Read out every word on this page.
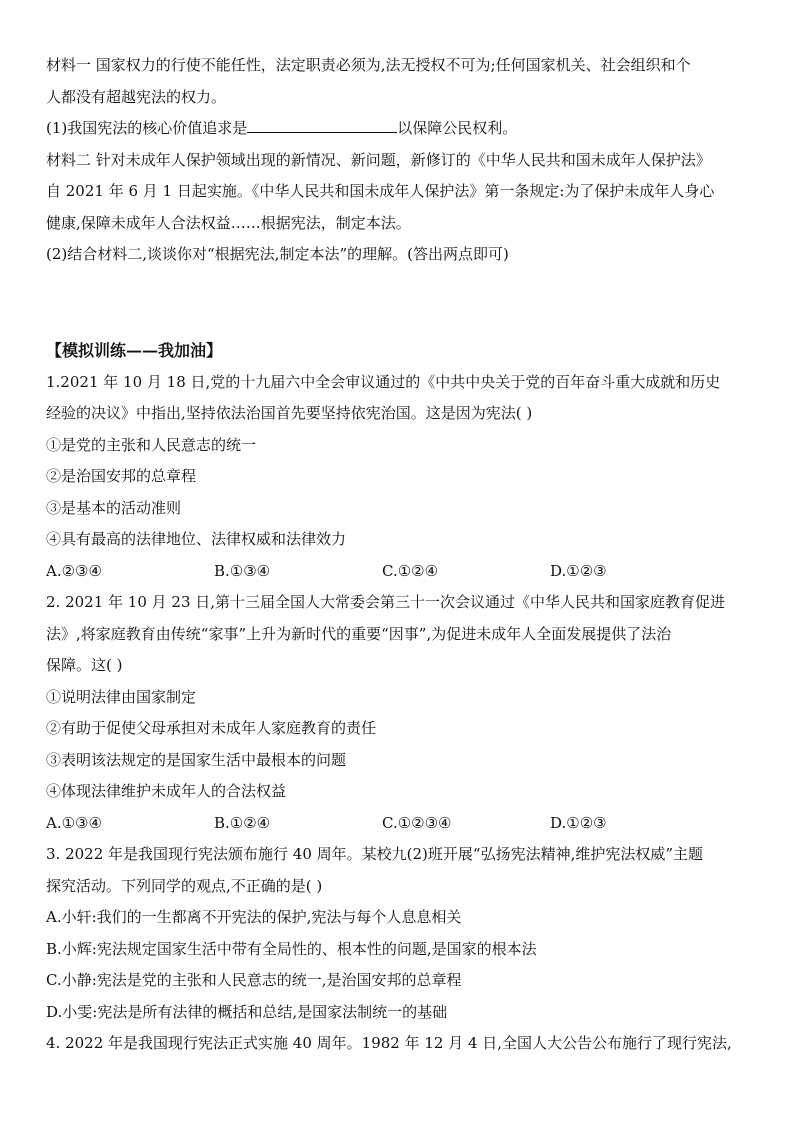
材料一 国家权力的行使不能任性，法定职责必须为,法无授权不可为;任何国家机关、社会组织和个
人都没有超越宪法的权力。
(1)我国宪法的核心价值追求是	以保障公民权利。
材料二 针对未成年人保护领域出现的新情况、新问题，新修订的《中华人民共和国未成年人保护法》
自 2021 年 6 月 1 日起实施。《中华人民共和国未成年人保护法》第一条规定:为了保护未成年人身心
健康,保障未成年人合法权益……根据宪法，制定本法。
(2)结合材料二,谈谈你对“根据宪法,制定本法”的理解。(答出两点即可)
【模拟训练——我加油】
1.2021 年 10 月 18 日,党的十九届六中全会审议通过的《中共中央关于党的百年奋斗重大成就和历史
经验的决议》中指出,坚持依法治国首先要坚持依宪治国。这是因为宪法( )
①是党的主张和人民意志的统一
②是治国安邦的总章程
③是基本的活动准则
④具有最高的法律地位、法律权威和法律效力
A.②③④	B.①③④	C.①②④	D.①②③
2. 2021 年 10 月 23 日,第十三届全国人大常委会第三十一次会议通过《中华人民共和国家庭教育促进
法》,将家庭教育由传统“家事”上升为新时代的重要“因事”,为促进未成年人全面发展提供了法治
保障。这( )
①说明法律由国家制定
②有助于促使父母承担对未成年人家庭教育的责任
③表明该法规定的是国家生活中最根本的问题
④体现法律维护未成年人的合法权益
A.①③④	B.①②④	C.①②③④	D.①②③
3. 2022 年是我国现行宪法颁布施行 40 周年。某校九(2)班开展“弘扬宪法精神,维护宪法权威”主题
探究活动。下列同学的观点,不正确的是( )
A.小轩:我们的一生都离不开宪法的保护,宪法与每个人息息相关
B.小辉:宪法规定国家生活中带有全局性的、根本性的问题,是国家的根本法
C.小静:宪法是党的主张和人民意志的统一,是治国安邦的总章程
D.小雯:宪法是所有法律的概括和总结,是国家法制统一的基础
4. 2022 年是我国现行宪法正式实施 40 周年。1982 年 12 月 4 日,全国人大公告公布施行了现行宪法,
